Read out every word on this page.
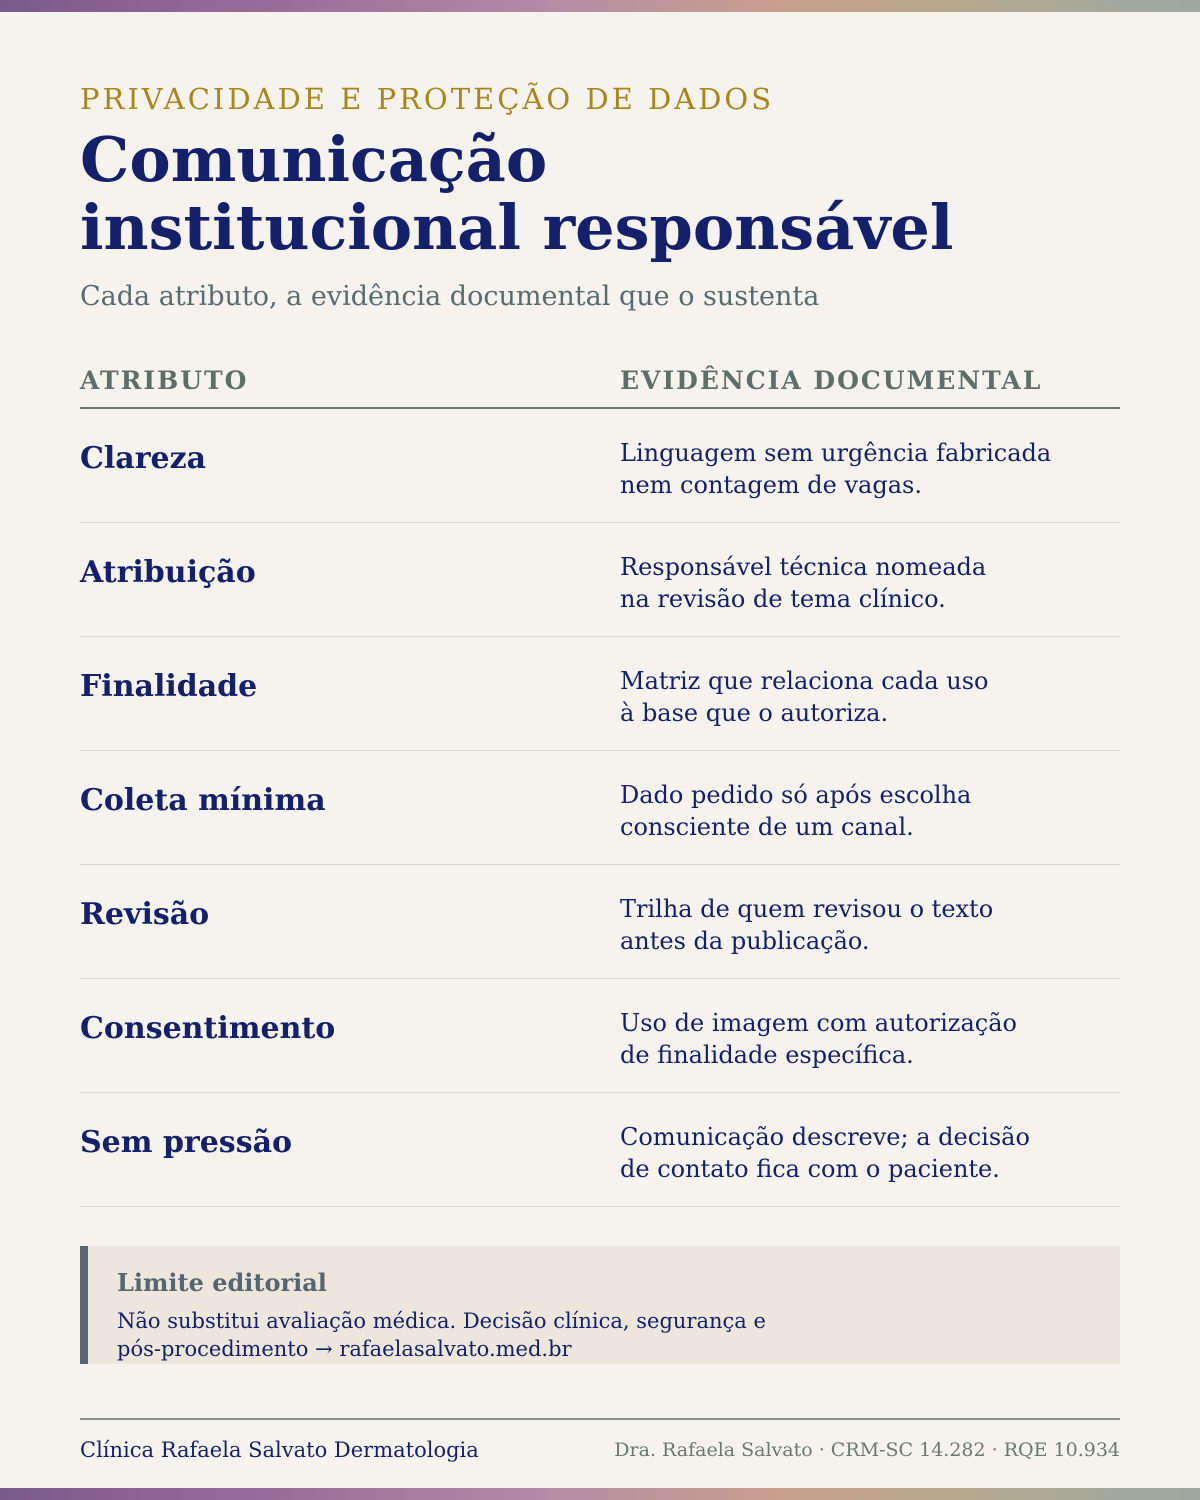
PRIVACIDADE E PROTEÇÃO DE DADOS
Comunicação
institucional responsável
Cada atributo, a evidência documental que o sustenta
ATRIBUTO	EVIDÊNCIA DOCUMENTAL
Clareza	Linguagem sem urgência fabricada
nem contagem de vagas.
Atribuição	Responsável técnica nomeada
na revisão de tema clínico.
Finalidade	Matriz que relaciona cada uso
à base que o autoriza.
Coleta mínima	Dado pedido só após escolha
consciente de um canal.
Revisão	Trilha de quem revisou o texto
antes da publicação.
Consentimento	Uso de imagem com autorização
de finalidade específica.
Sem pressão	Comunicação descreve; a decisão
de contato fica com o paciente.
Limite editorial
Não substitui avaliação médica. Decisão clínica, segurança e
pós-procedimento → rafaelasalvato.med.br
Clínica Rafaela Salvato Dermatologia	Dra. Rafaela Salvato · CRM-SC 14.282 · RQE 10.934
